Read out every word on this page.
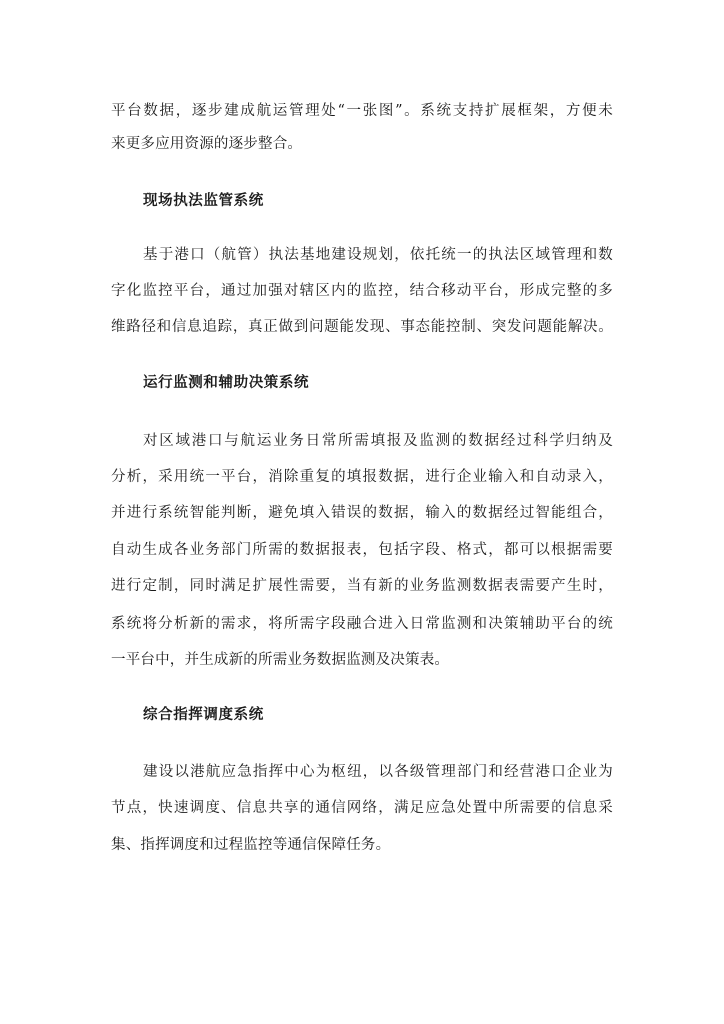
平台数据，逐步建成航运管理处“一张图”。系统支持扩展框架，方便未
来更多应用资源的逐步整合。
现场执法监管系统
基于港口（航管）执法基地建设规划，依托统一的执法区域管理和数
字化监控平台，通过加强对辖区内的监控，结合移动平台，形成完整的多
维路径和信息追踪，真正做到问题能发现、事态能控制、突发问题能解决。
运行监测和辅助决策系统
对区域港口与航运业务日常所需填报及监测的数据经过科学归纳及
分析，采用统一平台，消除重复的填报数据，进行企业输入和自动录入，
并进行系统智能判断，避免填入错误的数据，输入的数据经过智能组合，
自动生成各业务部门所需的数据报表，包括字段、格式，都可以根据需要
进行定制，同时满足扩展性需要，当有新的业务监测数据表需要产生时，
系统将分析新的需求，将所需字段融合进入日常监测和决策辅助平台的统
一平台中，并生成新的所需业务数据监测及决策表。
综合指挥调度系统
建设以港航应急指挥中心为枢纽，以各级管理部门和经营港口企业为
节点，快速调度、信息共享的通信网络，满足应急处置中所需要的信息采
集、指挥调度和过程监控等通信保障任务。
